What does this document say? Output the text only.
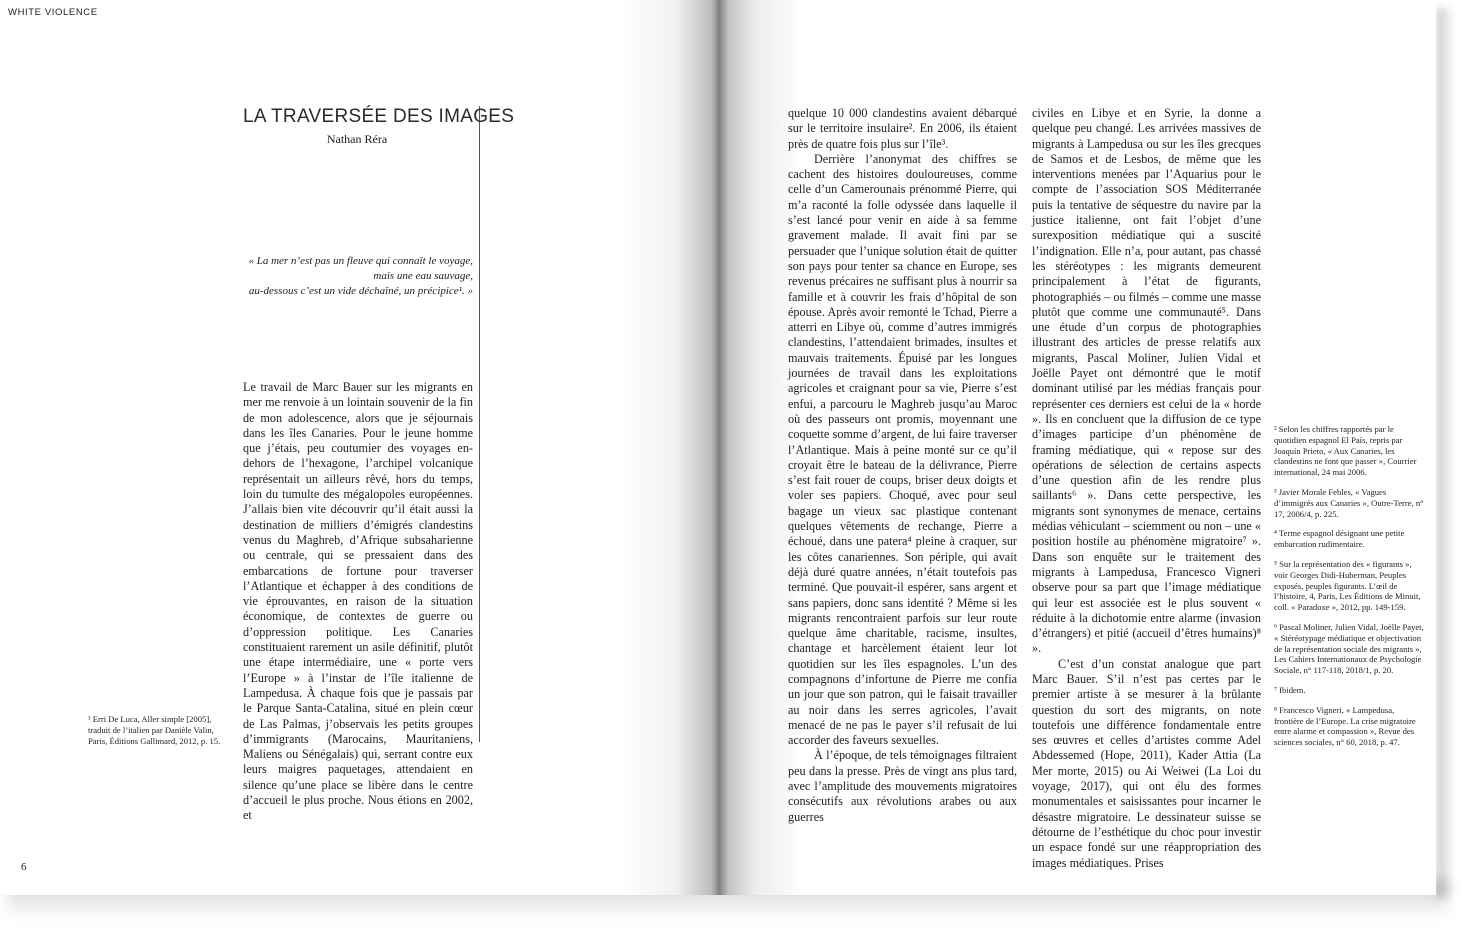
WHITE VIOLENCE
LA TRAVERSÉE DES IMAGES
Nathan Réra
« La mer n’est pas un fleuve qui connaît le voyage,
mais une eau sauvage,
au-dessous c’est un vide déchaîné, un précipice¹. »

Le travail de Marc Bauer sur les migrants en mer me renvoie à un lointain souvenir de la fin de mon adolescence, alors que je séjournais dans les îles Canaries. Pour le jeune homme que j’étais, peu coutumier des voyages en-dehors de l’hexagone, l’archipel volcanique représentait un ailleurs rêvé, hors du temps, loin du tumulte des mégalopoles européennes. J’allais bien vite découvrir qu’il était aussi la destination de milliers d’émigrés clandestins venus du Maghreb, d’Afrique subsaharienne ou centrale, qui se pressaient dans des embarcations de fortune pour traverser l’Atlantique et échapper à des conditions de vie éprouvantes, en raison de la situation économique, de contextes de guerre ou d’oppression politique. Les Canaries constituaient rarement un asile définitif, plutôt une étape intermédiaire, une « porte vers l’Europe » à l’instar de l’île italienne de Lampedusa. À chaque fois que je passais par le Parque Santa-Catalina, situé en plein cœur de Las Palmas, j’observais les petits groupes d’immigrants (Marocains, Mauritaniens, Maliens ou Sénégalais) qui, serrant contre eux leurs maigres paquetages, attendaient en silence qu’une place se libère dans le centre d’accueil le plus proche. Nous étions en 2002, et

¹ Erri De Luca, Aller simple [2005], traduit de l’italien par Danièle Valin, Paris, Éditions Gallimard, 2012, p. 15.
6

quelque 10 000 clandestins avaient débarqué sur le territoire insulaire². En 2006, ils étaient près de quatre fois plus sur l’île³.

Derrière l’anonymat des chiffres se cachent des histoires douloureuses, comme celle d’un Camerounais prénommé Pierre, qui m’a raconté la folle odyssée dans laquelle il s’est lancé pour venir en aide à sa femme gravement malade. Il avait fini par se persuader que l’unique solution était de quitter son pays pour tenter sa chance en Europe, ses revenus précaires ne suffisant plus à nourrir sa famille et à couvrir les frais d’hôpital de son épouse. Après avoir remonté le Tchad, Pierre a atterri en Libye où, comme d’autres immigrés clandestins, l’attendaient brimades, insultes et mauvais traitements. Épuisé par les longues journées de travail dans les exploitations agricoles et craignant pour sa vie, Pierre s’est enfui, a parcouru le Maghreb jusqu’au Maroc où des passeurs ont promis, moyennant une coquette somme d’argent, de lui faire traverser l’Atlantique. Mais à peine monté sur ce qu’il croyait être le bateau de la délivrance, Pierre s’est fait rouer de coups, briser deux doigts et voler ses papiers. Choqué, avec pour seul bagage un vieux sac plastique contenant quelques vêtements de rechange, Pierre a échoué, dans une patera⁴ pleine à craquer, sur les côtes canariennes. Son périple, qui avait déjà duré quatre années, n’était toutefois pas terminé. Que pouvait-il espérer, sans argent et sans papiers, donc sans identité ? Même si les migrants rencontraient parfois sur leur route quelque âme charitable, racisme, insultes, chantage et harcèlement étaient leur lot quotidien sur les îles espagnoles. L’un des compagnons d’infortune de Pierre me confia un jour que son patron, qui le faisait travailler au noir dans les serres agricoles, l’avait menacé de ne pas le payer s’il refusait de lui accorder des faveurs sexuelles.

À l’époque, de tels témoignages filtraient peu dans la presse. Près de vingt ans plus tard, avec l’amplitude des mouvements migratoires consécutifs aux révolutions arabes ou aux guerres

civiles en Libye et en Syrie, la donne a quelque peu changé. Les arrivées massives de migrants à Lampedusa ou sur les îles grecques de Samos et de Lesbos, de même que les interventions menées par l’Aquarius pour le compte de l’association SOS Méditerranée puis la tentative de séquestre du navire par la justice italienne, ont fait l’objet d’une surexposition médiatique qui a suscité l’indignation. Elle n’a, pour autant, pas chassé les stéréotypes : les migrants demeurent principalement à l’état de figurants, photographiés – ou filmés – comme une masse plutôt que comme une communauté⁵. Dans une étude d’un corpus de photographies illustrant des articles de presse relatifs aux migrants, Pascal Moliner, Julien Vidal et Joëlle Payet ont démontré que le motif dominant utilisé par les médias français pour représenter ces derniers est celui de la « horde ». Ils en concluent que la diffusion de ce type d’images participe d’un phénomène de framing médiatique, qui « repose sur des opérations de sélection de certains aspects d’une question afin de les rendre plus saillants⁶ ». Dans cette perspective, les migrants sont synonymes de menace, certains médias véhiculant – sciemment ou non – une « position hostile au phénomène migratoire⁷ ». Dans son enquête sur le traitement des migrants à Lampedusa, Francesco Vigneri observe pour sa part que l’image médiatique qui leur est associée est le plus souvent « réduite à la dichotomie entre alarme (invasion d’étrangers) et pitié (accueil d’êtres humains)⁸ ».

C’est d’un constat analogue que part Marc Bauer. S’il n’est pas certes par le premier artiste à se mesurer à la brûlante question du sort des migrants, on note toutefois une différence fondamentale entre ses œuvres et celles d’artistes comme Adel Abdessemed (Hope, 2011), Kader Attia (La Mer morte, 2015) ou Ai Weiwei (La Loi du voyage, 2017), qui ont élu des formes monumentales et saisissantes pour incarner le désastre migratoire. Le dessinateur suisse se détourne de l’esthétique du choc pour investir un espace fondé sur une réappropriation des images médiatiques. Prises

² Selon les chiffres rapportés par le quotidien espagnol El País, repris par Joaquín Prieto, « Aux Canaries, les clandestins ne font que passer », Courrier international, 24 mai 2006.
³ Javier Morale Febles, « Vagues d’immigrés aux Canaries », Outre-Terre, n° 17, 2006/4, p. 225.
⁴ Terme espagnol désignant une petite embarcation rudimentaire.
⁵ Sur la représentation des « figurants », voir Georges Didi-Huberman, Peuples exposés, peuples figurants. L’œil de l’histoire, 4, Paris, Les Éditions de Minuit, coll. « Paradoxe », 2012, pp. 149-159.
⁶ Pascal Moliner, Julien Vidal, Joëlle Payet, « Stéréotypage médiatique et objectivation de la représentation sociale des migrants », Les Cahiers Internationaux de Psychologie Sociale, n° 117-118, 2018/1, p. 20.
⁷ Ibidem.
⁸ Francesco Vigneri, « Lampedusa, frontière de l’Europe. La crise migratoire entre alarme et compassion », Revue des sciences sociales, n° 60, 2018, p. 47.
